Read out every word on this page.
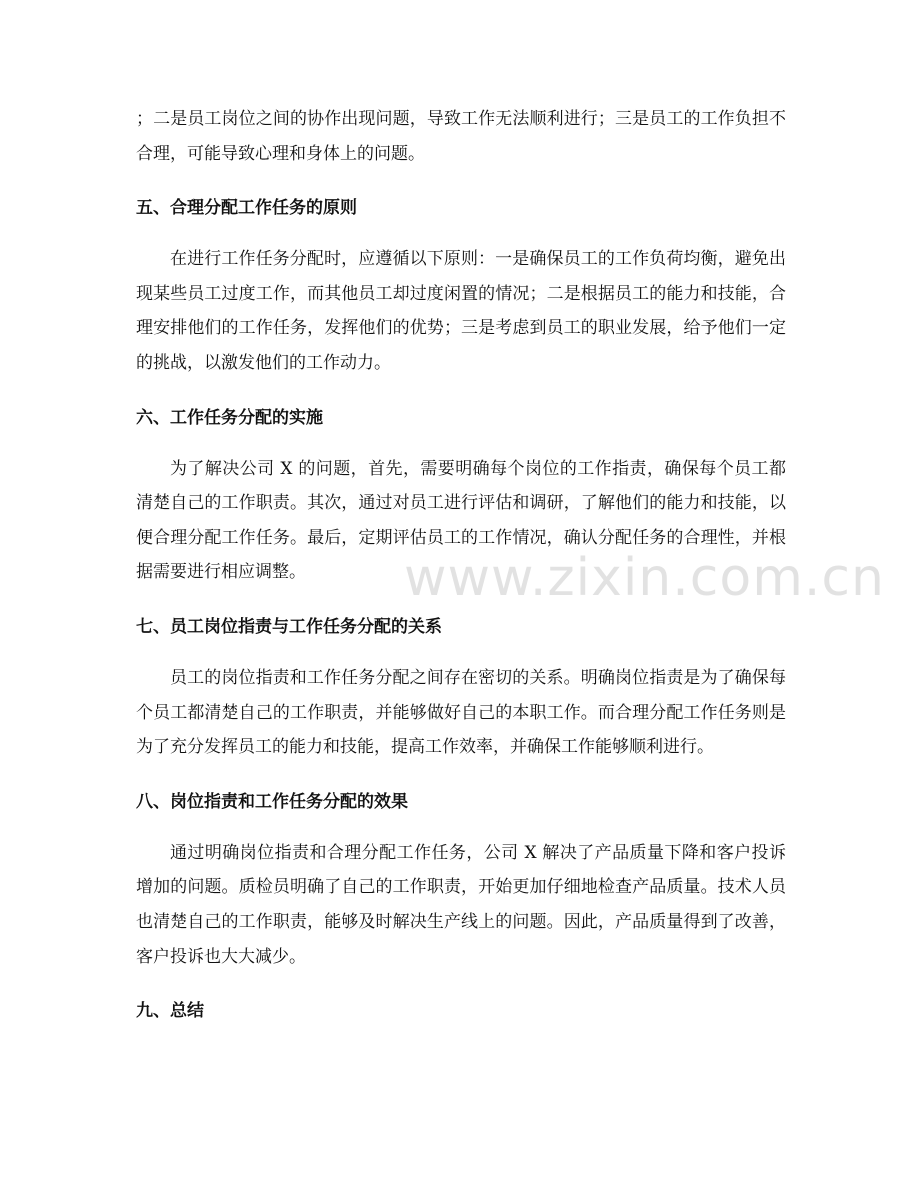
；二是员工岗位之间的协作出现问题，导致工作无法顺利进行；三是员工的工作负担不合理，可能导致心理和身体上的问题。

五、合理分配工作任务的原则

在进行工作任务分配时，应遵循以下原则：一是确保员工的工作负荷均衡，避免出现某些员工过度工作，而其他员工却过度闲置的情况；二是根据员工的能力和技能，合理安排他们的工作任务，发挥他们的优势；三是考虑到员工的职业发展，给予他们一定的挑战，以激发他们的工作动力。

六、工作任务分配的实施

为了解决公司 X 的问题，首先，需要明确每个岗位的工作指责，确保每个员工都清楚自己的工作职责。其次，通过对员工进行评估和调研，了解他们的能力和技能，以便合理分配工作任务。最后，定期评估员工的工作情况，确认分配任务的合理性，并根据需要进行相应调整。

七、员工岗位指责与工作任务分配的关系

员工的岗位指责和工作任务分配之间存在密切的关系。明确岗位指责是为了确保每个员工都清楚自己的工作职责，并能够做好自己的本职工作。而合理分配工作任务则是为了充分发挥员工的能力和技能，提高工作效率，并确保工作能够顺利进行。

八、岗位指责和工作任务分配的效果

通过明确岗位指责和合理分配工作任务，公司 X 解决了产品质量下降和客户投诉增加的问题。质检员明确了自己的工作职责，开始更加仔细地检查产品质量。技术人员也清楚自己的工作职责，能够及时解决生产线上的问题。因此，产品质量得到了改善，客户投诉也大大减少。

九、总结
www.zixin.com.cn
